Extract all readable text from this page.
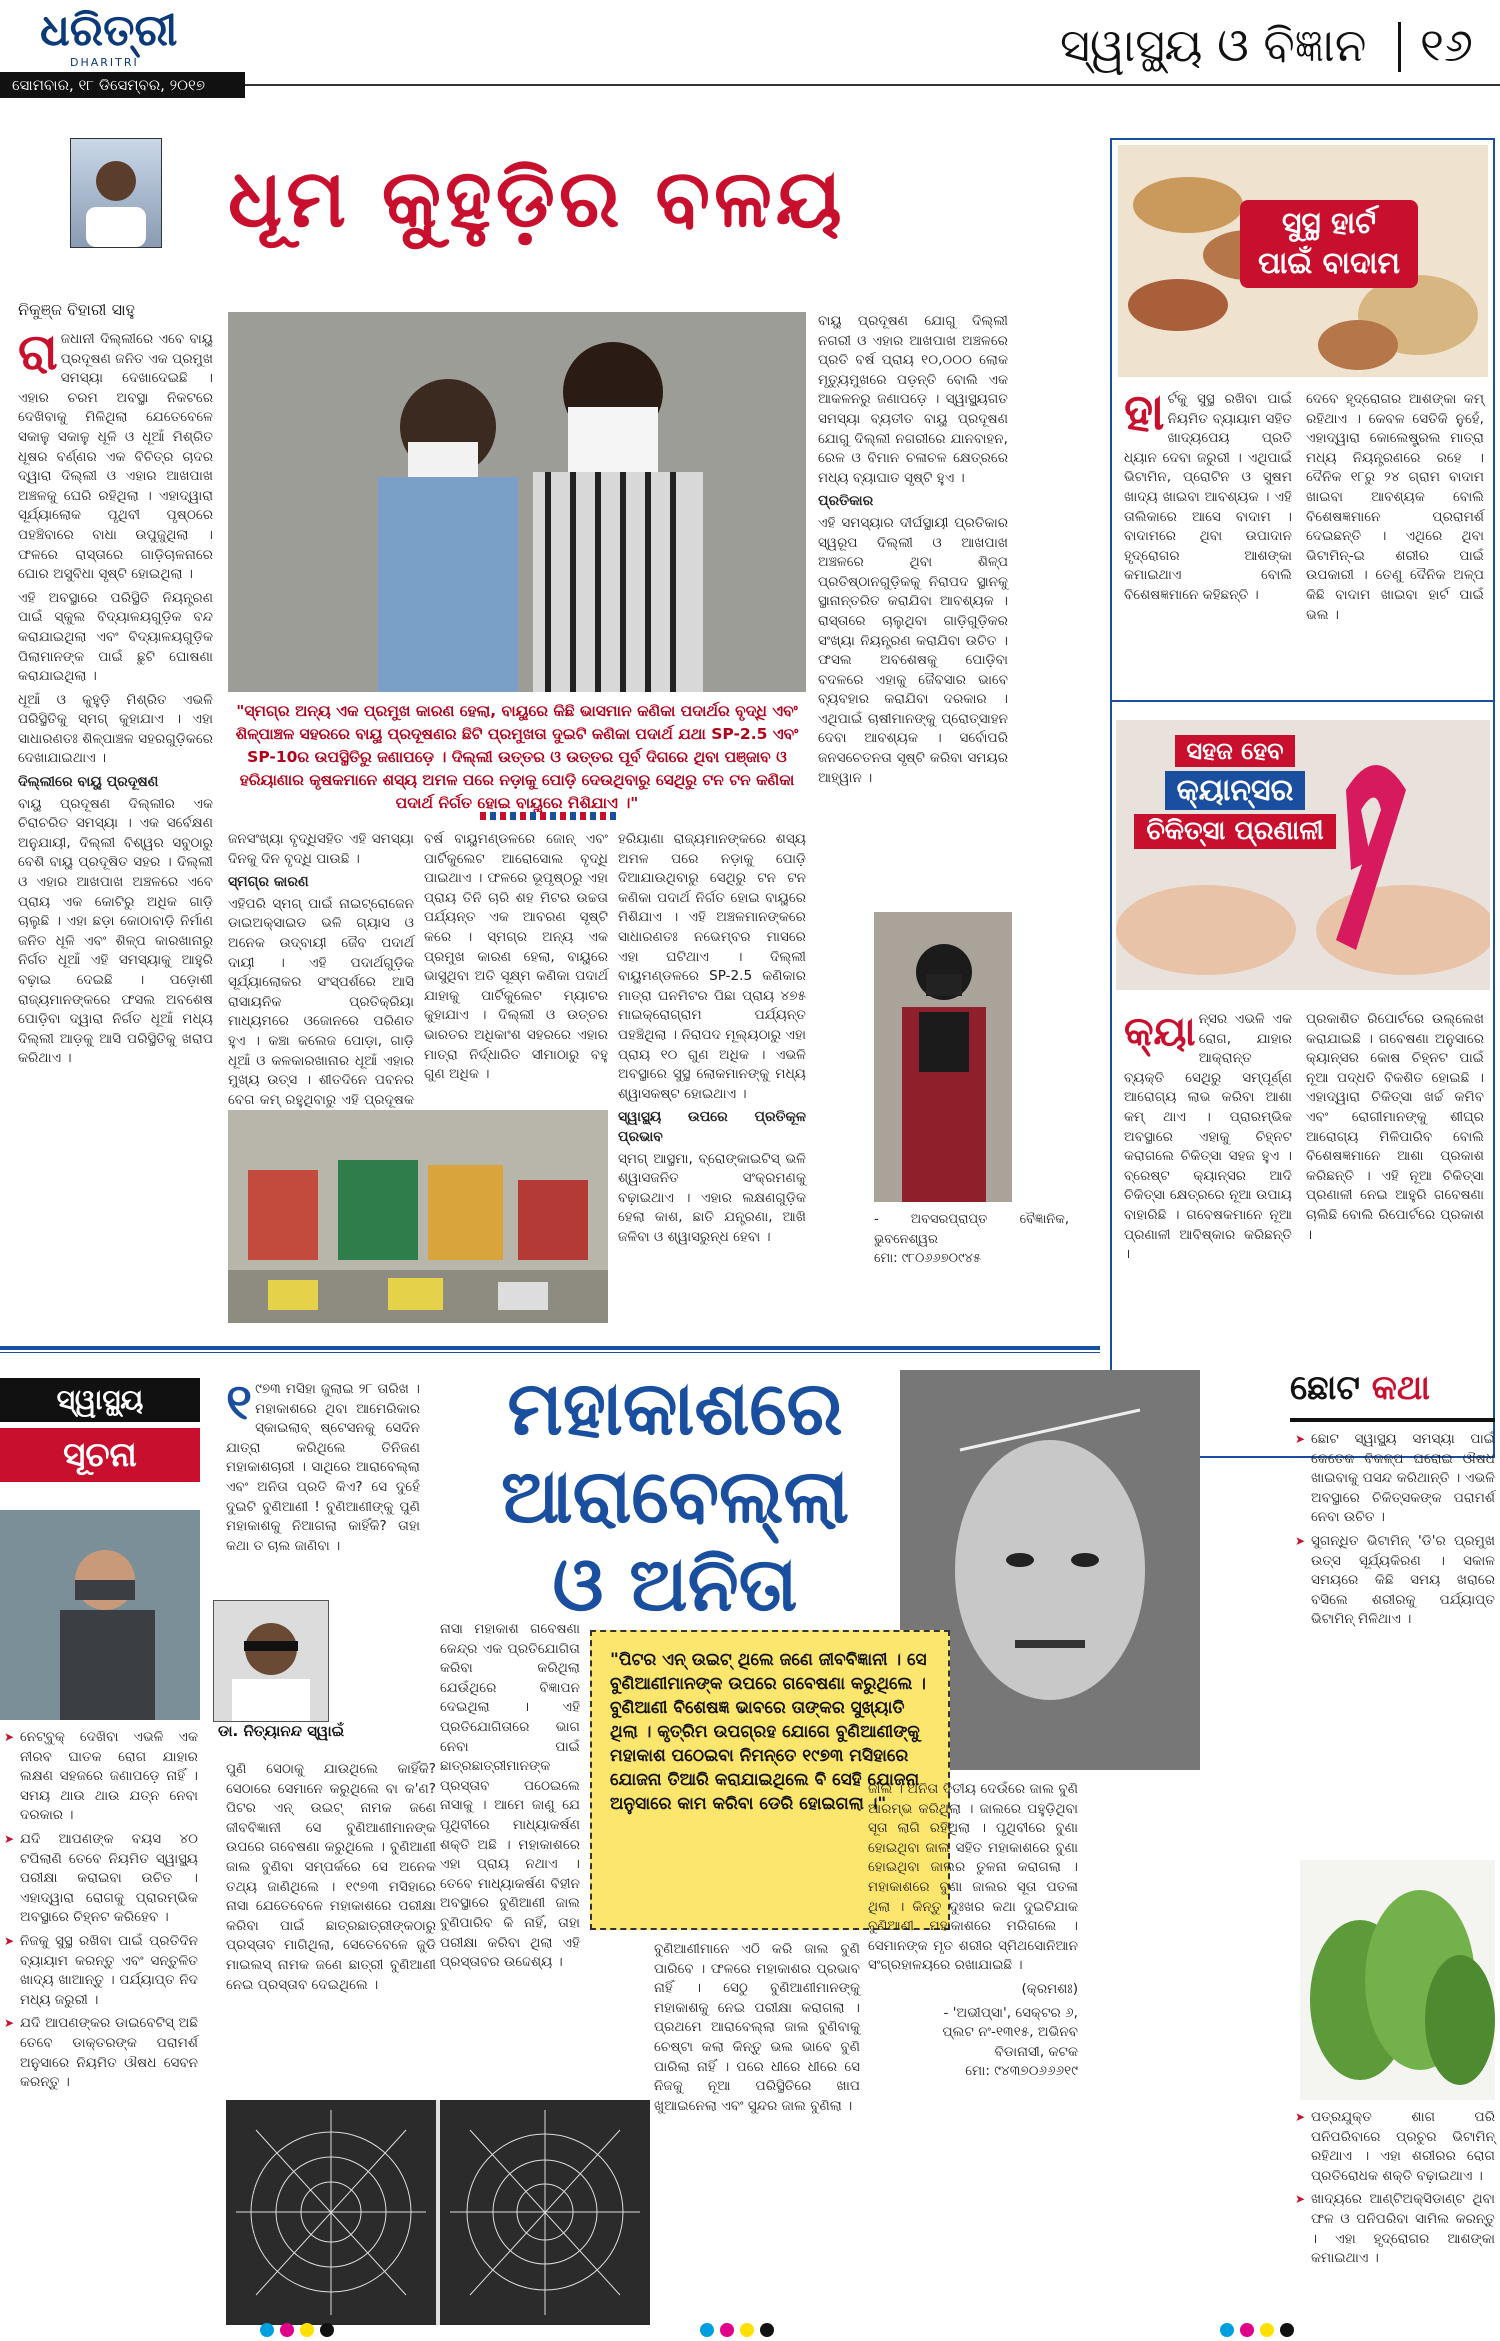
ଧରିତ୍ରୀ
DHARITRI
ସୋମବାର, ୧୮ ଡିସେମ୍ବର, ୨୦୧୭
ସ୍ୱାସ୍ଥ୍ୟ ଓ ବିଜ୍ଞାନ ୧୬
ନିକୁଞ୍ଜ ବିହାରୀ ସାହୁ
ଧୂମ କୁହୁଡ଼ିର ବଳୟ
ରା ଜଧାନୀ ଦିଲ୍ଲୀରେ ଏବେ ବାୟୁ ପ୍ରଦୂଷଣ ଜନିତ ଏକ ପ୍ରମୁଖ ସମସ୍ୟା ଦେଖାଦେଇଛି । ଏହାର ଚରମ ଅବସ୍ଥା ନିକଟରେ ଦେଖିବାକୁ ମିଳିଥିଲା ଯେତେବେଳେ ସକାଳୁ ସକାଳୁ ଧୂଳି ଓ ଧୂଆଁ ମିଶ୍ରିତ ଧୂଷର ବର୍ଣ୍ଣର ଏକ ବିଚିତ୍ର ଚାଦର ଦ୍ୱାରା ଦିଲ୍ଲୀ ଓ ଏହାର ଆଖପାଖ ଅଞ୍ଚଳକୁ ଘେରି ରହିଥିଲା । ଏହାଦ୍ୱାରା ସୂର୍ଯ୍ୟାଲୋକ ପୃଥିବୀ ପୃଷ୍ଠରେ ପହଞ୍ଚିବାରେ ବାଧା ଉପୁଜୁଥିଲା । ଫଳରେ ରାସ୍ତାରେ ଗାଡ଼ିଚାଳନାରେ ଘୋର ଅସୁବିଧା ସୃଷ୍ଟି ହୋଇଥିଲା ।

ଏହି ଅବସ୍ଥାରେ ପରିସ୍ଥିତି ନିୟନ୍ତ୍ରଣ ପାଇଁ ସ୍କୁଲ ବିଦ୍ୟାଳୟଗୁଡ଼ିକ ବନ୍ଦ କରାଯାଇଥିଲା ଏବଂ ବିଦ୍ୟାଳୟଗୁଡ଼ିକ ପିଲାମାନଙ୍କ ପାଇଁ ଛୁଟି ଘୋଷଣା କରାଯାଇଥିଲା ।

ଧୂଆଁ ଓ କୁହୁଡ଼ି ମିଶ୍ରିତ ଏଭଳି ପରିସ୍ଥିତିକୁ ସ୍ମଗ୍ କୁହାଯାଏ । ଏହା ସାଧାରଣତଃ ଶିଳ୍ପାଞ୍ଚଳ ସହରଗୁଡ଼ିକରେ ଦେଖାଯାଇଥାଏ ।

ଦିଲ୍ଲୀରେ ବାୟୁ ପ୍ରଦୂଷଣ

ବାୟୁ ପ୍ରଦୂଷଣ ଦିଲ୍ଲୀର ଏକ ଚିରାଚରିତ ସମସ୍ୟା । ଏକ ସର୍ବେକ୍ଷଣ ଅନୁଯାୟୀ, ଦିଲ୍ଲୀ ବିଶ୍ୱର ସବୁଠାରୁ ବେଶି ବାୟୁ ପ୍ରଦୂଷିତ ସହର । ଦିଲ୍ଲୀ ଓ ଏହାର ଆଖପାଖ ଅଞ୍ଚଳରେ ଏବେ ପ୍ରାୟ ଏକ କୋଟିରୁ ଅଧିକ ଗାଡ଼ି ଚାଲୁଛି । ଏହା ଛଡ଼ା କୋଠାବାଡ଼ି ନିର୍ମାଣ ଜନିତ ଧୂଳି ଏବଂ ଶିଳ୍ପ କାରଖାନାରୁ ନିର୍ଗତ ଧୂଆଁ ଏହି ସମସ୍ୟାକୁ ଆହୁରି ବଢ଼ାଇ ଦେଇଛି । ପଡ଼ୋଶୀ ରାଜ୍ୟମାନଙ୍କରେ ଫସଲ ଅବଶେଷ ପୋଡ଼ିବା ଦ୍ୱାରା ନିର୍ଗତ ଧୂଆଁ ମଧ୍ୟ ଦିଲ୍ଲୀ ଆଡ଼କୁ ଆସି ପରିସ୍ଥିତିକୁ ଖରାପ କରିଥାଏ ।

"ସ୍ମଗ୍‌ର ଅନ୍ୟ ଏକ ପ୍ରମୁଖ କାରଣ ହେଲା, ବାୟୁରେ କିଛି ଭାସମାନ କଣିକା ପଦାର୍ଥର ବୃଦ୍ଧି ଏବଂ ଶିଳ୍ପାଞ୍ଚଳ ସହରରେ ବାୟୁ ପ୍ରଦୂଷଣର ଛିଟି ପ୍ରମୁଖତା ଦୁଇଟି କଣିକା ପଦାର୍ଥ ଯଥା SP-2.5 ଏବଂ SP-10ର ଉପସ୍ଥିତିରୁ ଜଣାପଡ଼େ । ଦିଲ୍ଲୀ ଉତ୍ତର ଓ ଉତ୍ତର ପୂର୍ବ ଦିଗରେ ଥିବା ପଞ୍ଜାବ ଓ ହରିୟାଣାର କୃଷକମାନେ ଶସ୍ୟ ଅମଳ ପରେ ନଡ଼ାକୁ ପୋଡ଼ି ଦେଉଥିବାରୁ ସେଥିରୁ ଟନ ଟନ କଣିକା ପଦାର୍ଥ ନିର୍ଗତ ହୋଇ ବାୟୁରେ ମିଶିଯାଏ ।"

ଜନସଂଖ୍ୟା ବୃଦ୍ଧିସହିତ ଏହି ସମସ୍ୟା ଦିନକୁ ଦିନ ବୃଦ୍ଧି ପାଉଛି ।

ସ୍ମଗ୍‌ର କାରଣ

ଏହିପରି ସ୍ମଗ୍ ପାଇଁ ନାଇଟ୍ରୋଜେନ ଡାଇଅକ୍ସାଇଡ ଭଳି ଗ୍ୟାସ ଓ ଅନେକ ଉଦ୍‌ବାୟୀ ଜୈବ ପଦାର୍ଥ ଦାୟୀ । ଏହି ପଦାର୍ଥଗୁଡ଼ିକ ସୂର୍ଯ୍ୟାଲୋକର ସଂସ୍ପର୍ଶରେ ଆସି ରାସାୟନିକ ପ୍ରତିକ୍ରିୟା ମାଧ୍ୟମରେ ଓଜୋନରେ ପରିଣତ ହୁଏ । କଞ୍ଚା କଲେଜ ପୋଡ଼ା, ଗାଡ଼ି ଧୂଆଁ ଓ କଳକାରଖାନାର ଧୂଆଁ ଏହାର ମୁଖ୍ୟ ଉତ୍ସ । ଶୀତଦିନେ ପବନର ବେଗ କମ୍ ରହୁଥିବାରୁ ଏହି ପ୍ରଦୂଷକ

ବର୍ଷ ବାୟୁମଣ୍ଡଳରେ ଜୋନ୍ ଏବଂ ପାର୍ଟିକୁଲେଟ ଆରୋସୋଲ ବୃଦ୍ଧି ପାଇଥାଏ । ଫଳରେ ଭୂପୃଷ୍ଠରୁ ଏହା ପ୍ରାୟ ତିନି ଚାରି ଶହ ମିଟର ଉଚ୍ଚତା ପର୍ଯ୍ୟନ୍ତ ଏକ ଆବରଣ ସୃଷ୍ଟି କରେ । ସ୍ମଗ୍‌ର ଅନ୍ୟ ଏକ ପ୍ରମୁଖ କାରଣ ହେଲା, ବାୟୁରେ ଭାସୁଥିବା ଅତି ସୂକ୍ଷ୍ମ କଣିକା ପଦାର୍ଥ ଯାହାକୁ ପାର୍ଟିକୁଲେଟ ମ୍ୟାଟର କୁହାଯାଏ । ଦିଲ୍ଲୀ ଓ ଉତ୍ତର ଭାରତର ଅଧିକାଂଶ ସହରରେ ଏହାର ମାତ୍ରା ନିର୍ଦ୍ଧାରିତ ସୀମାଠାରୁ ବହୁ ଗୁଣ ଅଧିକ ।

ହରିୟାଣା ରାଜ୍ୟମାନଙ୍କରେ ଶସ୍ୟ ଅମଳ ପରେ ନଡ଼ାକୁ ପୋଡ଼ି ଦିଆଯାଉଥିବାରୁ ସେଥିରୁ ଟନ ଟନ କଣିକା ପଦାର୍ଥ ନିର୍ଗତ ହୋଇ ବାୟୁରେ ମିଶିଯାଏ । ଏହି ଅଞ୍ଚଳମାନଙ୍କରେ ସାଧାରଣତଃ ନଭେମ୍ବର ମାସରେ ଏହା ଘଟିଥାଏ । ଦିଲ୍ଲୀ ବାୟୁମଣ୍ଡଳରେ SP-2.5 କଣିକାର ମାତ୍ରା ଘନମିଟର ପିଛା ପ୍ରାୟ ୪୭୫ ମାଇକ୍ରୋଗ୍ରାମ ପର୍ଯ୍ୟନ୍ତ ପହଞ୍ଚିଥିଲା । ନିରାପଦ ମୂଲ୍ୟଠାରୁ ଏହା ପ୍ରାୟ ୧୦ ଗୁଣ ଅଧିକ । ଏଭଳି ଅବସ୍ଥାରେ ସୁସ୍ଥ ଲୋକମାନଙ୍କୁ ମଧ୍ୟ ଶ୍ୱାସକଷ୍ଟ ହୋଇଥାଏ ।

ସ୍ୱାସ୍ଥ୍ୟ ଉପରେ ପ୍ରତିକୂଳ ପ୍ରଭାବ

ସ୍ମଗ୍ ଆସ୍ଥମା, ବ୍ରୋଙ୍କାଇଟିସ୍ ଭଳି ଶ୍ୱାସଜନିତ ସଂକ୍ରମଣକୁ ବଢ଼ାଇଥାଏ । ଏହାର ଲକ୍ଷଣଗୁଡ଼ିକ ହେଲା କାଶ, ଛାତି ଯନ୍ତ୍ରଣା, ଆଖି ଜଳିବା ଓ ଶ୍ୱାସରୁନ୍ଧ ହେବା ।

ବାୟୁ ପ୍ରଦୂଷଣ ଯୋଗୁ ଦିଲ୍ଲୀ ନଗରୀ ଓ ଏହାର ଆଖପାଖ ଅଞ୍ଚଳରେ ପ୍ରତି ବର୍ଷ ପ୍ରାୟ ୧୦,୦୦୦ ଲୋକ ମୃତ୍ୟୁମୁଖରେ ପଡ଼ନ୍ତି ବୋଲି ଏକ ଆକଳନରୁ ଜଣାପଡ଼େ । ସ୍ୱାସ୍ଥ୍ୟଗତ ସମସ୍ୟା ବ୍ୟତୀତ ବାୟୁ ପ୍ରଦୂଷଣ ଯୋଗୁ ଦିଲ୍ଲୀ ନଗରୀରେ ଯାନବାହନ, ରେଳ ଓ ବିମାନ ଚଳାଚଳ କ୍ଷେତ୍ରରେ ମଧ୍ୟ ବ୍ୟାଘାତ ସୃଷ୍ଟି ହୁଏ ।

ପ୍ରତିକାର

ଏହି ସମସ୍ୟାର ଦୀର୍ଘସ୍ଥାୟୀ ପ୍ରତିକାର ସ୍ୱରୂପ ଦିଲ୍ଲୀ ଓ ଆଖପାଖ ଅଞ୍ଚଳରେ ଥିବା ଶିଳ୍ପ ପ୍ରତିଷ୍ଠାନଗୁଡ଼ିକକୁ ନିରାପଦ ସ୍ଥାନକୁ ସ୍ଥାନାନ୍ତରିତ କରାଯିବା ଆବଶ୍ୟକ । ରାସ୍ତାରେ ଚାଲୁଥିବା ଗାଡ଼ିଗୁଡ଼ିକର ସଂଖ୍ୟା ନିୟନ୍ତ୍ରଣ କରାଯିବା ଉଚିତ । ଫସଲ ଅବଶେଷକୁ ପୋଡ଼ିବା ବଦଳରେ ଏହାକୁ ଜୈବସାର ଭାବେ ବ୍ୟବହାର କରାଯିବା ଦରକାର । ଏଥିପାଇଁ ଚାଷୀମାନଙ୍କୁ ପ୍ରୋତ୍ସାହନ ଦେବା ଆବଶ୍ୟକ । ସର୍ବୋପରି ଜନସଚେତନତା ସୃଷ୍ଟି କରିବା ସମୟର ଆହ୍ୱାନ ।

- ଅବସରପ୍ରାପ୍ତ ବୈଜ୍ଞାନିକ, ଭୁବନେଶ୍ୱର
ମୋ: ୯୮୦୬୬୭୦୯୪୫
ସୁସ୍ଥ ହାର୍ଟ
ପାଇଁ ବାଦାମ
ହା ର୍ଟକୁ ସୁସ୍ଥ ରଖିବା ପାଇଁ ନିୟମିତ ବ୍ୟାୟାମ ସହିତ ଖାଦ୍ୟପେୟ ପ୍ରତି ଧ୍ୟାନ ଦେବା ଜରୁରୀ । ଏଥିପାଇଁ ଭିଟାମିନ, ପ୍ରୋଟିନ ଓ ସୁଷମ ଖାଦ୍ୟ ଖାଇବା ଆବଶ୍ୟକ । ଏହି ତାଲିକାରେ ଆସେ ବାଦାମ । ବାଦାମରେ ଥିବା ଉପାଦାନ ହୃଦ୍‌ରୋଗର ଆଶଙ୍କା କମାଇଥାଏ ବୋଲି ବିଶେଷଜ୍ଞମାନେ କହିଛନ୍ତି ।

ଦେବେ ହୃଦ୍‌ରୋଗର ଆଶଙ୍କା କମ୍ ରହିଥାଏ । କେବଳ ସେତିକି ନୁହେଁ, ଏହାଦ୍ୱାରା କୋଲେଷ୍ଟ୍ରଲ ମାତ୍ରା ମଧ୍ୟ ନିୟନ୍ତ୍ରଣରେ ରହେ । ଦୈନିକ ୧୮ରୁ ୨୪ ଗ୍ରାମ ବାଦାମ ଖାଇବା ଆବଶ୍ୟକ ବୋଲି ବିଶେଷଜ୍ଞମାନେ ପ୍ରରାମର୍ଶ ଦେଇଛନ୍ତି । ଏଥିରେ ଥିବା ଭିଟାମିନ୍-ଇ ଶରୀର ପାଇଁ ଉପକାରୀ । ତେଣୁ ଦୈନିକ ଅଳ୍ପ କିଛି ବାଦାମ ଖାଇବା ହାର୍ଟ ପାଇଁ ଭଲ ।

ସହଜ ହେବ
କ୍ୟାନ୍‌ସର
ଚିକିତ୍ସା ପ୍ରଣାଳୀ
କ୍ୟା ନ୍‌ସର ଏଭଳି ଏକ ରୋଗ, ଯାହାର ଆକ୍ରାନ୍ତ ବ୍ୟକ୍ତି ସେଥିରୁ ସମ୍ପୂର୍ଣ୍ଣ ଆରୋଗ୍ୟ ଲାଭ କରିବା ଆଶା କମ୍ ଥାଏ । ପ୍ରାରମ୍ଭିକ ଅବସ୍ଥାରେ ଏହାକୁ ଚିହ୍ନଟ କରାଗଲେ ଚିକିତ୍ସା ସହଜ ହୁଏ । ବ୍ରେଷ୍ଟ କ୍ୟାନ୍‌ସର ଆଦି ଚିକିତ୍ସା କ୍ଷେତ୍ରରେ ନୂଆ ଉପାୟ ବାହାରିଛି । ଗବେଷକମାନେ ନୂଆ ପ୍ରଣାଳୀ ଆବିଷ୍କାର କରିଛନ୍ତି ।

ପ୍ରକାଶିତ ରିପୋର୍ଟରେ ଉଲ୍ଲେଖ କରାଯାଇଛି । ଗବେଷଣା ଅନୁସାରେ କ୍ୟାନ୍‌ସର କୋଷ ଚିହ୍ନଟ ପାଇଁ ନୂଆ ପଦ୍ଧତି ବିକଶିତ ହୋଇଛି । ଏହାଦ୍ୱାରା ଚିକିତ୍ସା ଖର୍ଚ୍ଚ କମିବ ଏବଂ ରୋଗୀମାନଙ୍କୁ ଶୀଘ୍ର ଆରୋଗ୍ୟ ମିଳିପାରିବ ବୋଲି ବିଶେଷଜ୍ଞମାନେ ଆଶା ପ୍ରକାଶ କରିଛନ୍ତି । ଏହି ନୂଆ ଚିକିତ୍ସା ପ୍ରଣାଳୀ ନେଇ ଆହୁରି ଗବେଷଣା ଚାଲିଛି ବୋଲି ରିପୋର୍ଟରେ ପ୍ରକାଶ ।

ସ୍ୱାସ୍ଥ୍ୟ
ସୂଚନା
➤ ନେଟ୍‌ବୁକ୍ ଦେଖିବା ଏଭଳି ଏକ ନୀରବ ଘାତକ ରୋଗ ଯାହାର ଲକ୍ଷଣ ସହଜରେ ଜଣାପଡ଼େ ନାହିଁ । ସମୟ ଥାଉ ଥାଉ ଯତ୍ନ ନେବା ଦରକାର ।
➤ ଯଦି ଆପଣଙ୍କ ବୟସ ୪୦ ଟପିଲାଣି ତେବେ ନିୟମିତ ସ୍ୱାସ୍ଥ୍ୟ ପରୀକ୍ଷା କରାଇବା ଉଚିତ । ଏହାଦ୍ୱାରା ରୋଗକୁ ପ୍ରାରମ୍ଭିକ ଅବସ୍ଥାରେ ଚିହ୍ନଟ କରିହେବ ।
➤ ନିଜକୁ ସୁସ୍ଥ ରଖିବା ପାଇଁ ପ୍ରତିଦିନ ବ୍ୟାୟାମ କରନ୍ତୁ ଏବଂ ସନ୍ତୁଳିତ ଖାଦ୍ୟ ଖାଆନ୍ତୁ । ପର୍ଯ୍ୟାପ୍ତ ନିଦ ମଧ୍ୟ ଜରୁରୀ ।
➤ ଯଦି ଆପଣଙ୍କର ଡାଇବେଟିସ୍ ଅଛି ତେବେ ଡାକ୍ତରଙ୍କ ପରାମର୍ଶ ଅନୁସାରେ ନିୟମିତ ଔଷଧ ସେବନ କରନ୍ତୁ ।
୧ ୯୭୩ ମସିହା ଜୁଲାଇ ୨୮ ତାରିଖ । ମହାକାଶରେ ଥିବା ଆମେରିକାର ସ୍କାଇଲାବ୍ ଷ୍ଟେସନକୁ ସେଦିନ ଯାତ୍ରା କରିଥିଲେ ତିନିଜଣ ମହାକାଶଚାରୀ । ସାଥିରେ ଆରାବେଲ୍ଲା ଏବଂ ଅନିତା ପ୍ରତି କିଏ? ସେ ଦୁହେଁ ଦୁଇଟି ବୁଣିଆଣୀ ! ବୁଣିଆଣୀଙ୍କୁ ପୁଣି ମହାକାଶକୁ ନିଆଗଲା କାହିଁକି? ତାହା କଥା ତ ଚାଲ ଜାଣିବା ।

ମହାକାଶରେ
ଆରାବେଲ୍ଲା
ଓ ଅନିତା
ଡା. ନିତ୍ୟାନନ୍ଦ ସ୍ୱାଇଁ
"ପିଟର ଏନ୍ ଉଇଟ୍ ଥିଲେ ଜଣେ ଜୀବବିଜ୍ଞାନୀ । ସେ ବୁଣିଆଣୀମାନଙ୍କ ଉପରେ ଗବେଷଣା କରୁଥିଲେ । ବୁଣିଆଣୀ ବିଶେଷଜ୍ଞ ଭାବରେ ତାଙ୍କର ସୁଖ୍ୟାତି ଥିଲା । କୃତ୍ରିମ ଉପଗ୍ରହ ଯୋଗେ ବୁଣିଆଣୀଙ୍କୁ ମହାକାଶ ପଠେଇବା ନିମନ୍ତେ ୧୯୭୩ ମସିହାରେ ଯୋଜନା ତିଆରି କରାଯାଇଥିଲେ ବି ସେହି ଯୋଜନା ଅନୁସାରେ କାମ କରିବା ଡେରି ହୋଇଗଲା ।"

ପୁଣି ସେଠାକୁ ଯାଉଥିଲେ କାହିଁକି? ସେଠାରେ ସେମାନେ କରୁଥିଲେ ବା କ'ଣ? ପିଟର ଏନ୍ ଉଇଟ୍ ନାମକ ଜଣେ ଜୀବବିଜ୍ଞାନୀ ସେ ବୁଣିଆଣୀମାନଙ୍କ ଉପରେ ଗବେଷଣା କରୁଥିଲେ । ବୁଣିଆଣୀ ଜାଲ ବୁଣିବା ସମ୍ପର୍କରେ ସେ ଅନେକ ତଥ୍ୟ ଜାଣିଥିଲେ । ୧୯୭୩ ମସିହାରେ ନାସା ଯେତେବେଳେ ମହାକାଶରେ ପରୀକ୍ଷା କରିବା ପାଇଁ ଛାତ୍ରଛାତ୍ରୀଙ୍କଠାରୁ ପ୍ରସ୍ତାବ ମାଗିଥିଲା, ସେତେବେଳେ ଜୁଡି ମାଇଲସ୍ ନାମକ ଜଣେ ଛାତ୍ରୀ ବୁଣିଆଣୀ ନେଇ ପ୍ରସ୍ତାବ ଦେଇଥିଲେ ।

ନାସା ମହାକାଶ ଗବେଷଣା କେନ୍ଦ୍ର ଏକ ପ୍ରତିଯୋଗିତା କରିବା କରିଥିଲା ଯେଉଁଥିରେ ବିଜ୍ଞାପନ ଦେଇଥିଲା । ଏହି ପ୍ରତିଯୋଗିତାରେ ଭାଗ ନେବା ପାଇଁ ଛାତ୍ରଛାତ୍ରୀମାନଙ୍କ ପ୍ରସ୍ତାବ ପଠେଇଲେ ନାସାକୁ । ଆମେ ଜାଣୁ ଯେ ପୃଥିବୀରେ ମାଧ୍ୟାକର୍ଷଣ ଶକ୍ତି ଅଛି । ମହାକାଶରେ ଏହା ପ୍ରାୟ ନଥାଏ । ତେବେ ମାଧ୍ୟାକର୍ଷଣ ବିହୀନ ଅବସ୍ଥାରେ ବୁଣିଆଣୀ ଜାଲ ବୁଣିପାରିବ କି ନାହିଁ, ତାହା ପରୀକ୍ଷା କରିବା ଥିଲା ଏହି ପ୍ରସ୍ତାବର ଉଦ୍ଦେଶ୍ୟ ।

ବୁଣିଆଣୀମାନେ ଏଠି କରି ଜାଲ ବୁଣି ପାରିବେ । ଫଳରେ ମହାକାଶର ପ୍ରଭାବ ନାହିଁ । ସେଠୁ ବୁଣିଆଣୀମାନଙ୍କୁ ମହାକାଶକୁ ନେଇ ପରୀକ୍ଷା କରାଗଲା । ପ୍ରଥମେ ଆରାବେଲ୍ଲା ଜାଲ ବୁଣିବାକୁ ଚେଷ୍ଟା କଲା କିନ୍ତୁ ଭଲ ଭାବେ ବୁଣି ପାରିଲା ନାହିଁ । ପରେ ଧୀରେ ଧୀରେ ସେ ନିଜକୁ ନୂଆ ପରିସ୍ଥିତିରେ ଖାପ ଖୁଆଇନେଲା ଏବଂ ସୁନ୍ଦର ଜାଲ ବୁଣିଲା ।

ଜାଲ । ଅନିତା ଦିତୀୟ ଦେଉଁରେ ଜାଲ ବୁଣି ଆରମ୍ଭ କରିଥିଲା । ଜାଲରେ ପହୁଡ଼ିଥିବା ସୂତା ଲାଗି ରହିଥିଲା । ପୃଥିବୀରେ ବୁଣା ହୋଇଥିବା ଜାଲ ସହିତ ମହାକାଶରେ ବୁଣା ହୋଇଥିବା ଜାଲର ତୁଳନା କରାଗଲା । ମହାକାଶରେ ବୁଣା ଜାଲର ସୂତା ପତଳା ଥିଲା । କିନ୍ତୁ ଦୁଃଖର କଥା ଦୁଇଟିଯାକ ବୁଣିଆଣୀ ମହାକାଶରେ ମରିଗଲେ । ସେମାନଙ୍କ ମୃତ ଶରୀର ସ୍ମିଥସୋନିଆନ ସଂଗ୍ରହାଳୟରେ ରଖାଯାଇଛି ।

(କ୍ରମଶଃ)

- 'ଅଭୀପ୍ସା', ସେକ୍ଟର ୬,
ପ୍ଲଟ ନଂ-୧୩୧୫, ଅଭିନବ
ବିଡାନାସୀ, କଟକ
ମୋ: ୯୪୩୭୦୬୬୬୧୯
ଛୋଟ କଥା
➤ ଛୋଟ ସ୍ୱାସ୍ଥ୍ୟ ସମସ୍ୟା ପାଇଁ କେତେକ ବିକଳ୍ପ ଘରୋଇ ଔଷଧ ଖାଇବାକୁ ପସନ୍ଦ କରିଥାନ୍ତି । ଏଭଳି ଅବସ୍ଥାରେ ଚିକିତ୍ସକଙ୍କ ପରାମର୍ଶ ନେବା ଉଚିତ ।
➤ ସୁଗନ୍ଧିତ ଭିଟାମିନ୍ 'ଡି'ର ପ୍ରମୁଖ ଉତ୍ସ ସୂର୍ଯ୍ୟକିରଣ । ସକାଳ ସମୟରେ କିଛି ସମୟ ଖରାରେ ବସିଲେ ଶରୀରକୁ ପର୍ଯ୍ୟାପ୍ତ ଭିଟାମିନ୍ ମିଳିଥାଏ ।
➤ ପତ୍ରଯୁକ୍ତ ଶାଗ ପରି ପନିପରିବାରେ ପ୍ରଚୁର ଭିଟାମିନ୍ ରହିଥାଏ । ଏହା ଶରୀରର ରୋଗ ପ୍ରତିରୋଧକ ଶକ୍ତି ବଢ଼ାଇଥାଏ ।
➤ ଖାଦ୍ୟରେ ଆଣ୍ଟିଅକ୍ସିଡାଣ୍ଟ ଥିବା ଫଳ ଓ ପନିପରିବା ସାମିଲ କରନ୍ତୁ । ଏହା ହୃଦ୍‌ରୋଗର ଆଶଙ୍କା କମାଇଥାଏ ।
